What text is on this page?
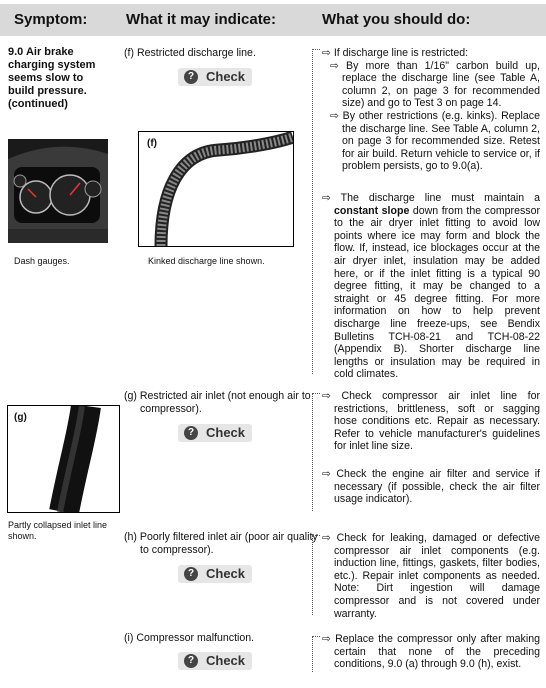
Symptom:	What it may indicate:	What you should do:
9.0 Air brake charging system seems slow to build pressure. (continued)
Dash gauges.
(g)
Partly collapsed inlet line shown.
(f) Restricted discharge line.
? Check
(f)
Kinked discharge line shown.
(g) Restricted air inlet (not enough air to compressor).
? Check
(h) Poorly filtered inlet air (poor air quality to compressor).
? Check
(i) Compressor malfunction.
? Check

⇨ If discharge line is restricted:

⇨ By more than 1/16" carbon build up, replace the discharge line (see Table A, column 2, on page 3 for recommended size) and go to Test 3 on page 14.

⇨ By other restrictions (e.g. kinks). Replace the discharge line. See Table A, column 2, on page 3 for recommended size. Retest for air build. Return vehicle to service or, if problem persists, go to 9.0(a).

⇨ The discharge line must maintain a constant slope down from the compressor to the air dryer inlet fitting to avoid low points where ice may form and block the flow. If, instead, ice blockages occur at the air dryer inlet, insulation may be added here, or if the inlet fitting is a typical 90 degree fitting, it may be changed to a straight or 45 degree fitting. For more information on how to help prevent discharge line freeze-ups, see Bendix Bulletins TCH-08-21 and TCH-08-22 (Appendix B). Shorter discharge line lengths or insulation may be required in cold climates.

⇨ Check compressor air inlet line for restrictions, brittleness, soft or sagging hose conditions etc. Repair as necessary. Refer to vehicle manufacturer's guidelines for inlet line size.

⇨ Check the engine air filter and service if necessary (if possible, check the air filter usage indicator).

⇨ Check for leaking, damaged or defective compressor air inlet components (e.g. induction line, fittings, gaskets, filter bodies, etc.). Repair inlet components as needed. Note: Dirt ingestion will damage compressor and is not covered under warranty.

⇨ Replace the compressor only after making certain that none of the preceding conditions, 9.0 (a) through 9.0 (h), exist.
